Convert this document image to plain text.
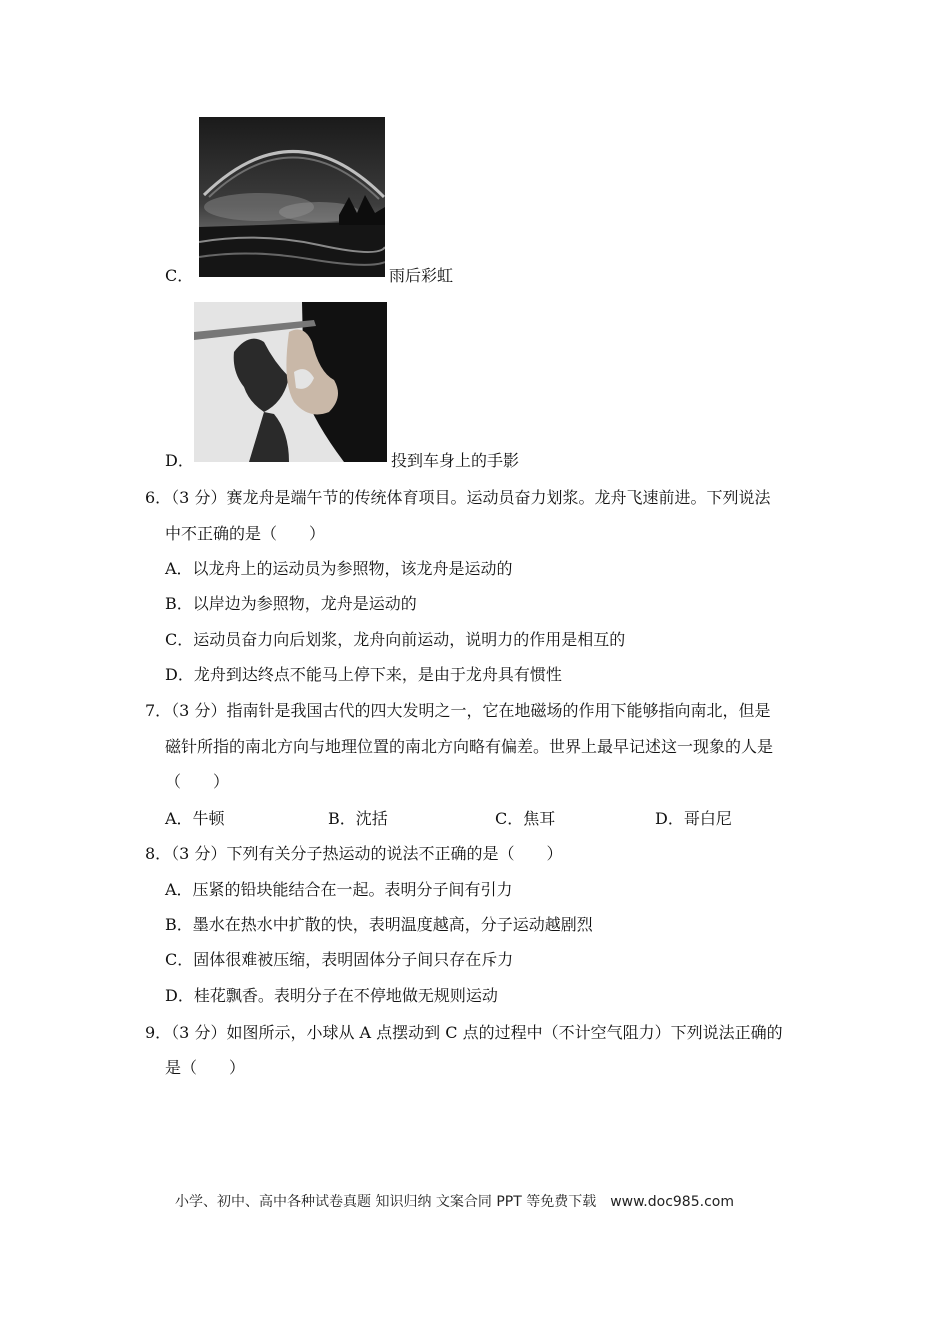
C．	雨后彩虹
D．	投到车身上的手影
6．（3 分）赛龙舟是端午节的传统体育项目。运动员奋力划浆。龙舟飞速前进。下列说法
中不正确的是（　　）
A．以龙舟上的运动员为参照物，该龙舟是运动的
B．以岸边为参照物，龙舟是运动的
C．运动员奋力向后划浆，龙舟向前运动，说明力的作用是相互的
D．龙舟到达终点不能马上停下来，是由于龙舟具有惯性
7．（3 分）指南针是我国古代的四大发明之一，它在地磁场的作用下能够指向南北，但是
磁针所指的南北方向与地理位置的南北方向略有偏差。世界上最早记述这一现象的人是
（　　）
A．牛顿	B．沈括	C．焦耳	D．哥白尼
8．（3 分）下列有关分子热运动的说法不正确的是（　　）
A．压紧的铅块能结合在一起。表明分子间有引力
B．墨水在热水中扩散的快，表明温度越高，分子运动越剧烈
C．固体很难被压缩，表明固体分子间只存在斥力
D．桂花飘香。表明分子在不停地做无规则运动
9．（3 分）如图所示，小球从 A 点摆动到 C 点的过程中（不计空气阻力）下列说法正确的
是（　　）
小学、初中、高中各种试卷真题 知识归纳 文案合同 PPT 等免费下载　www.doc985.com
